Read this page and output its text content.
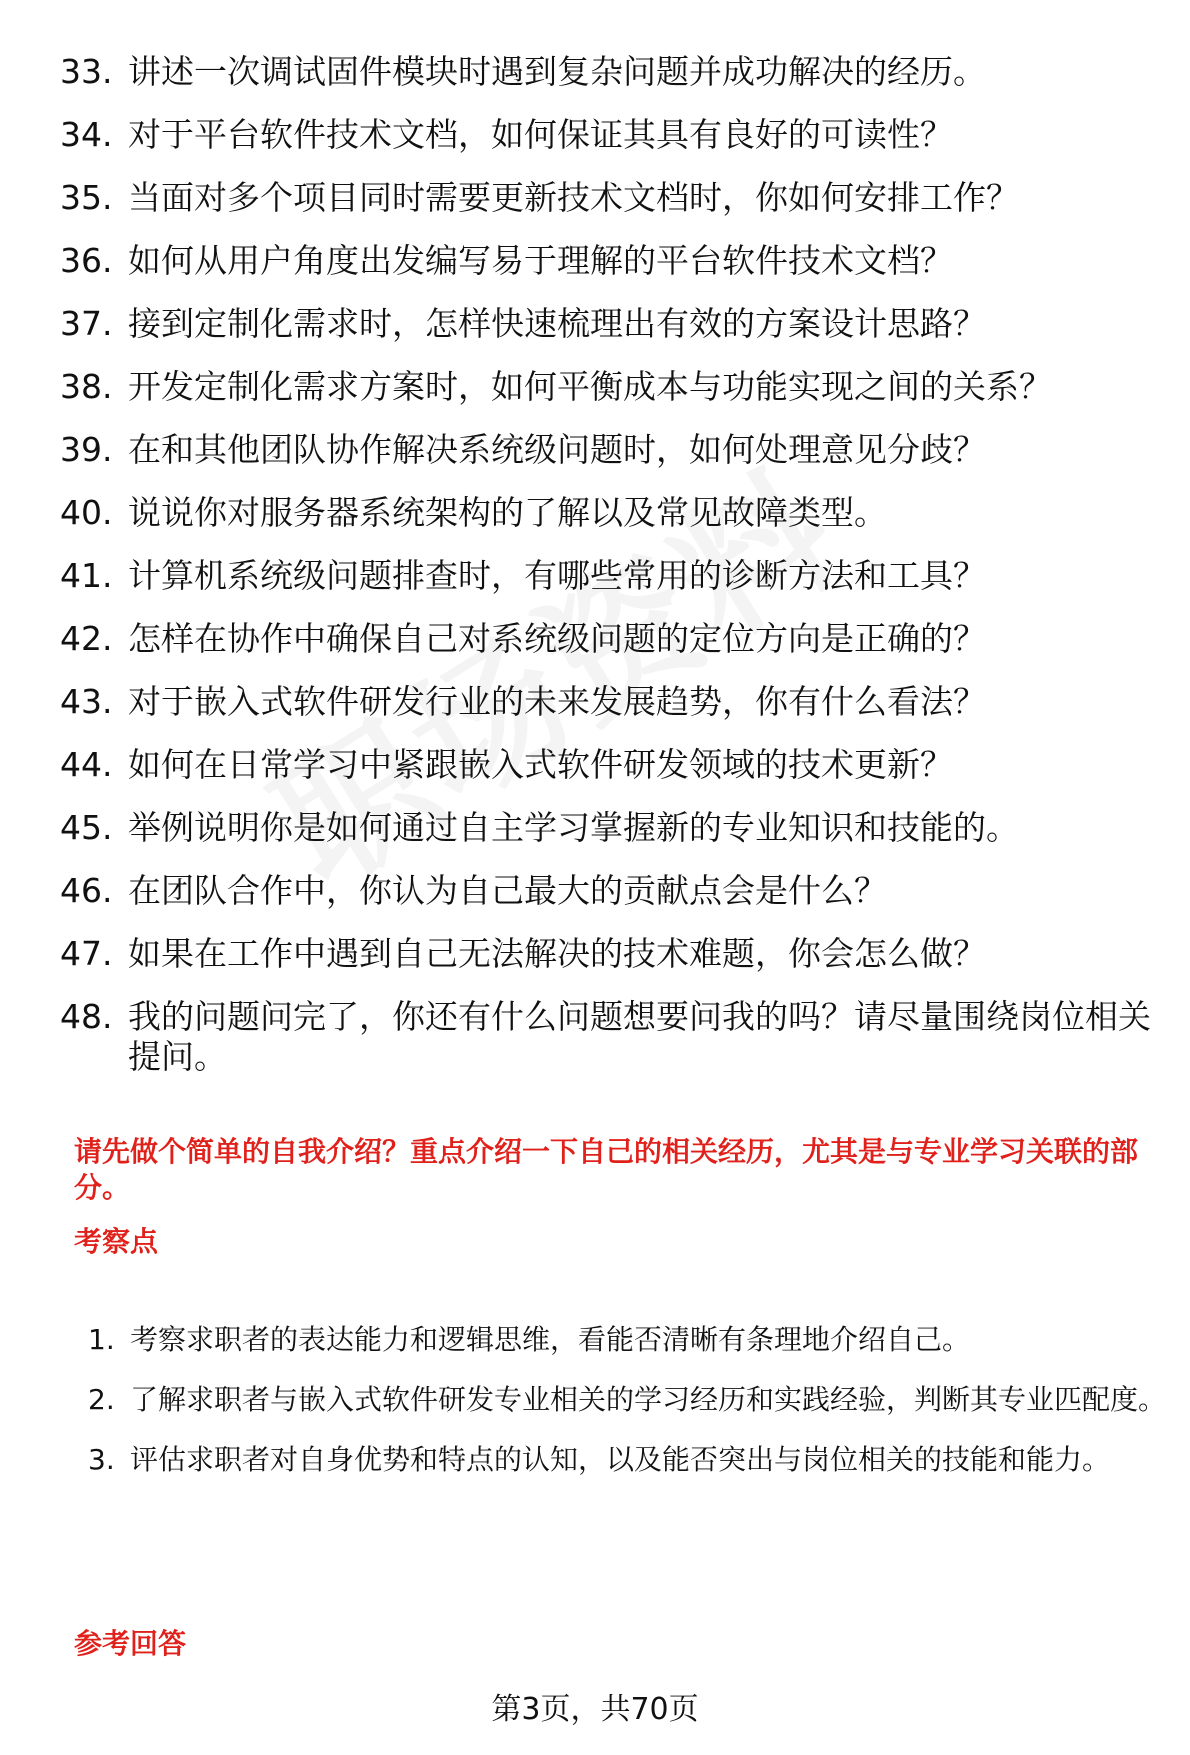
33. 讲述一次调试固件模块时遇到复杂问题并成功解决的经历。
34. 对于平台软件技术文档，如何保证其具有良好的可读性？
35. 当面对多个项目同时需要更新技术文档时，你如何安排工作？
36. 如何从用户角度出发编写易于理解的平台软件技术文档？
37. 接到定制化需求时，怎样快速梳理出有效的方案设计思路？
38. 开发定制化需求方案时，如何平衡成本与功能实现之间的关系？
39. 在和其他团队协作解决系统级问题时，如何处理意见分歧？
40. 说说你对服务器系统架构的了解以及常见故障类型。
41. 计算机系统级问题排查时，有哪些常用的诊断方法和工具？
42. 怎样在协作中确保自己对系统级问题的定位方向是正确的？
43. 对于嵌入式软件研发行业的未来发展趋势，你有什么看法？
44. 如何在日常学习中紧跟嵌入式软件研发领域的技术更新？
45. 举例说明你是如何通过自主学习掌握新的专业知识和技能的。
46. 在团队合作中，你认为自己最大的贡献点会是什么？
47. 如果在工作中遇到自己无法解决的技术难题，你会怎么做？
48. 我的问题问完了，你还有什么问题想要问我的吗？请尽量围绕岗位相关提问。

请先做个简单的自我介绍？重点介绍一下自己的相关经历，尤其是与专业学习关联的部分。

考察点

1. 考察求职者的表达能力和逻辑思维，看能否清晰有条理地介绍自己。
2. 了解求职者与嵌入式软件研发专业相关的学习经历和实践经验，判断其专业匹配度。
3. 评估求职者对自身优势和特点的认知，以及能否突出与岗位相关的技能和能力。

参考回答

第3页，共70页
